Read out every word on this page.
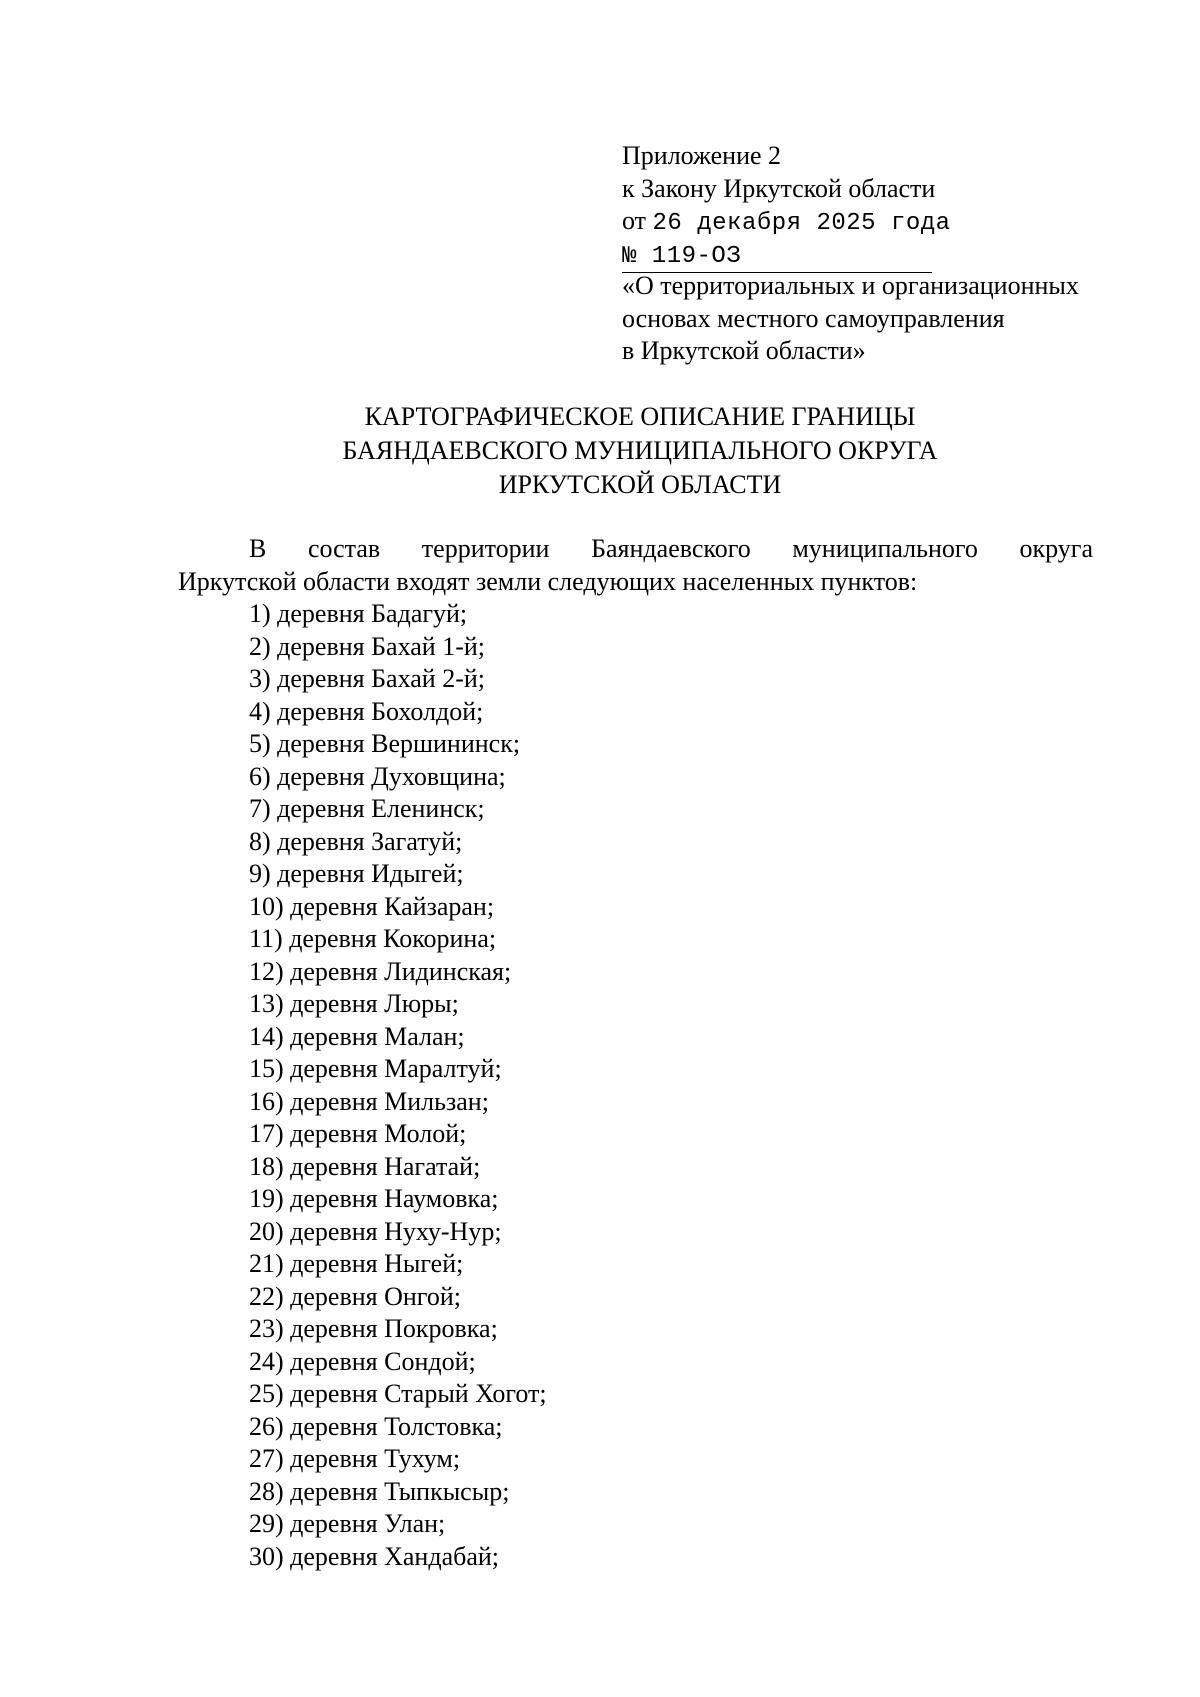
Приложение 2
к Закону Иркутской области
от 26 декабря 2025 года
№ 119-ОЗ
«О территориальных и организационных
основах местного самоуправления
в Иркутской области»
КАРТОГРАФИЧЕСКОЕ ОПИСАНИЕ ГРАНИЦЫ
БАЯНДАЕВСКОГО МУНИЦИПАЛЬНОГО ОКРУГА
ИРКУТСКОЙ ОБЛАСТИ
В состав территории Баяндаевского муниципального округа
Иркутской области входят земли следующих населенных пунктов:
1) деревня Бадагуй;
2) деревня Бахай 1-й;
3) деревня Бахай 2-й;
4) деревня Бохолдой;
5) деревня Вершининск;
6) деревня Духовщина;
7) деревня Еленинск;
8) деревня Загатуй;
9) деревня Идыгей;
10) деревня Кайзаран;
11) деревня Кокорина;
12) деревня Лидинская;
13) деревня Люры;
14) деревня Малан;
15) деревня Маралтуй;
16) деревня Мильзан;
17) деревня Молой;
18) деревня Нагатай;
19) деревня Наумовка;
20) деревня Нуху-Нур;
21) деревня Ныгей;
22) деревня Онгой;
23) деревня Покровка;
24) деревня Сондой;
25) деревня Старый Хогот;
26) деревня Толстовка;
27) деревня Тухум;
28) деревня Тыпкысыр;
29) деревня Улан;
30) деревня Хандабай;
